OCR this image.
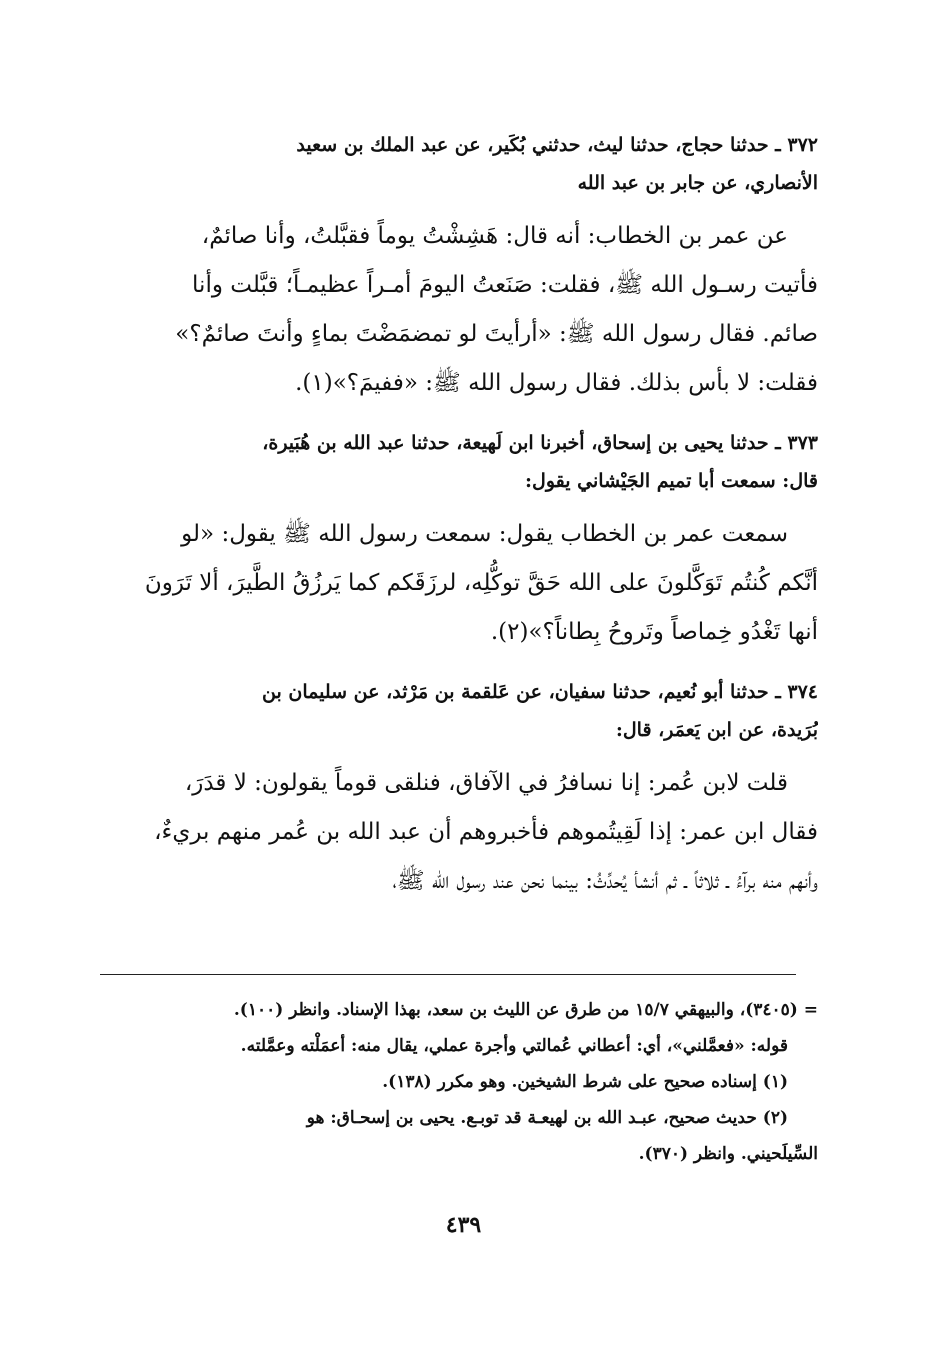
٣٧٢ ـ حدثنا حجاج، حدثنا ليث، حدثني بُكَير، عن عبد الملك بن سعيد
الأنصاري، عن جابر بن عبد الله
عن عمر بن الخطاب: أنه قال: هَشِشْتُ يوماً فقبَّلتُ، وأنا صائمٌ،
فأتيت رسـول الله ﷺ، فقلت: صَنَعتُ اليومَ أمـراً عظيمـاً؛ قبَّلت وأنا
صائم. فقال رسول الله ﷺ: «أرأيتَ لو تمضمَضْتَ بماءٍ وأنتَ صائمٌ؟»
فقلت: لا بأس بذلك. فقال رسول الله ﷺ: «ففيمَ؟»(١).
٣٧٣ ـ حدثنا يحيى بن إسحاق، أخبرنا ابن لَهيعة، حدثنا عبد الله بن هُبَيرة،
قال: سمعت أبا تميم الجَيْشاني يقول:
سمعت عمر بن الخطاب يقول: سمعت رسول الله ﷺ يقول: «لو
أنَّكم كُنتُم تَوَكَّلونَ على الله حَقَّ توكُّلِه، لرزَقَكم كما يَرزُقُ الطَّيرَ، ألا تَرَونَ
أنها تَغْدُو خِماصاً وتَروحُ بِطاناً؟»(٢).
٣٧٤ ـ حدثنا أبو نُعيم، حدثنا سفيان، عن عَلقمة بن مَرْثد، عن سليمان بن
بُرَيدة، عن ابن يَعمَر، قال:
قلت لابن عُمر: إنا نسافرُ في الآفاق، فنلقى قوماً يقولون: لا قدَرَ،
فقال ابن عمر: إذا لَقِيتُموهم فأخبروهم أن عبد الله بن عُمر منهم بريءٌ،
وأنهم منه برآءُ ـ ثلاثاً ـ ثم أنشأ يُحدِّثُ: بينما نحن عند رسول الله ﷺ،
= (٣٤٠٥)، والبيهقي ١٥/٧ من طرق عن الليث بن سعد، بهذا الإسناد. وانظر (١٠٠).
قوله: «فعمَّلني»، أي: أعطاني عُمالتي وأجرة عملي، يقال منه: أعمَلْته وعمَّلته.
(١) إسناده صحيح على شرط الشيخين. وهو مكرر (١٣٨).
(٢) حديث صحيح، عبـد الله بن لهيعـة قد توبـع. يحيى بن إسحـاق: هو
السِّيلَحيني. وانظر (٣٧٠).
٤٣٩
